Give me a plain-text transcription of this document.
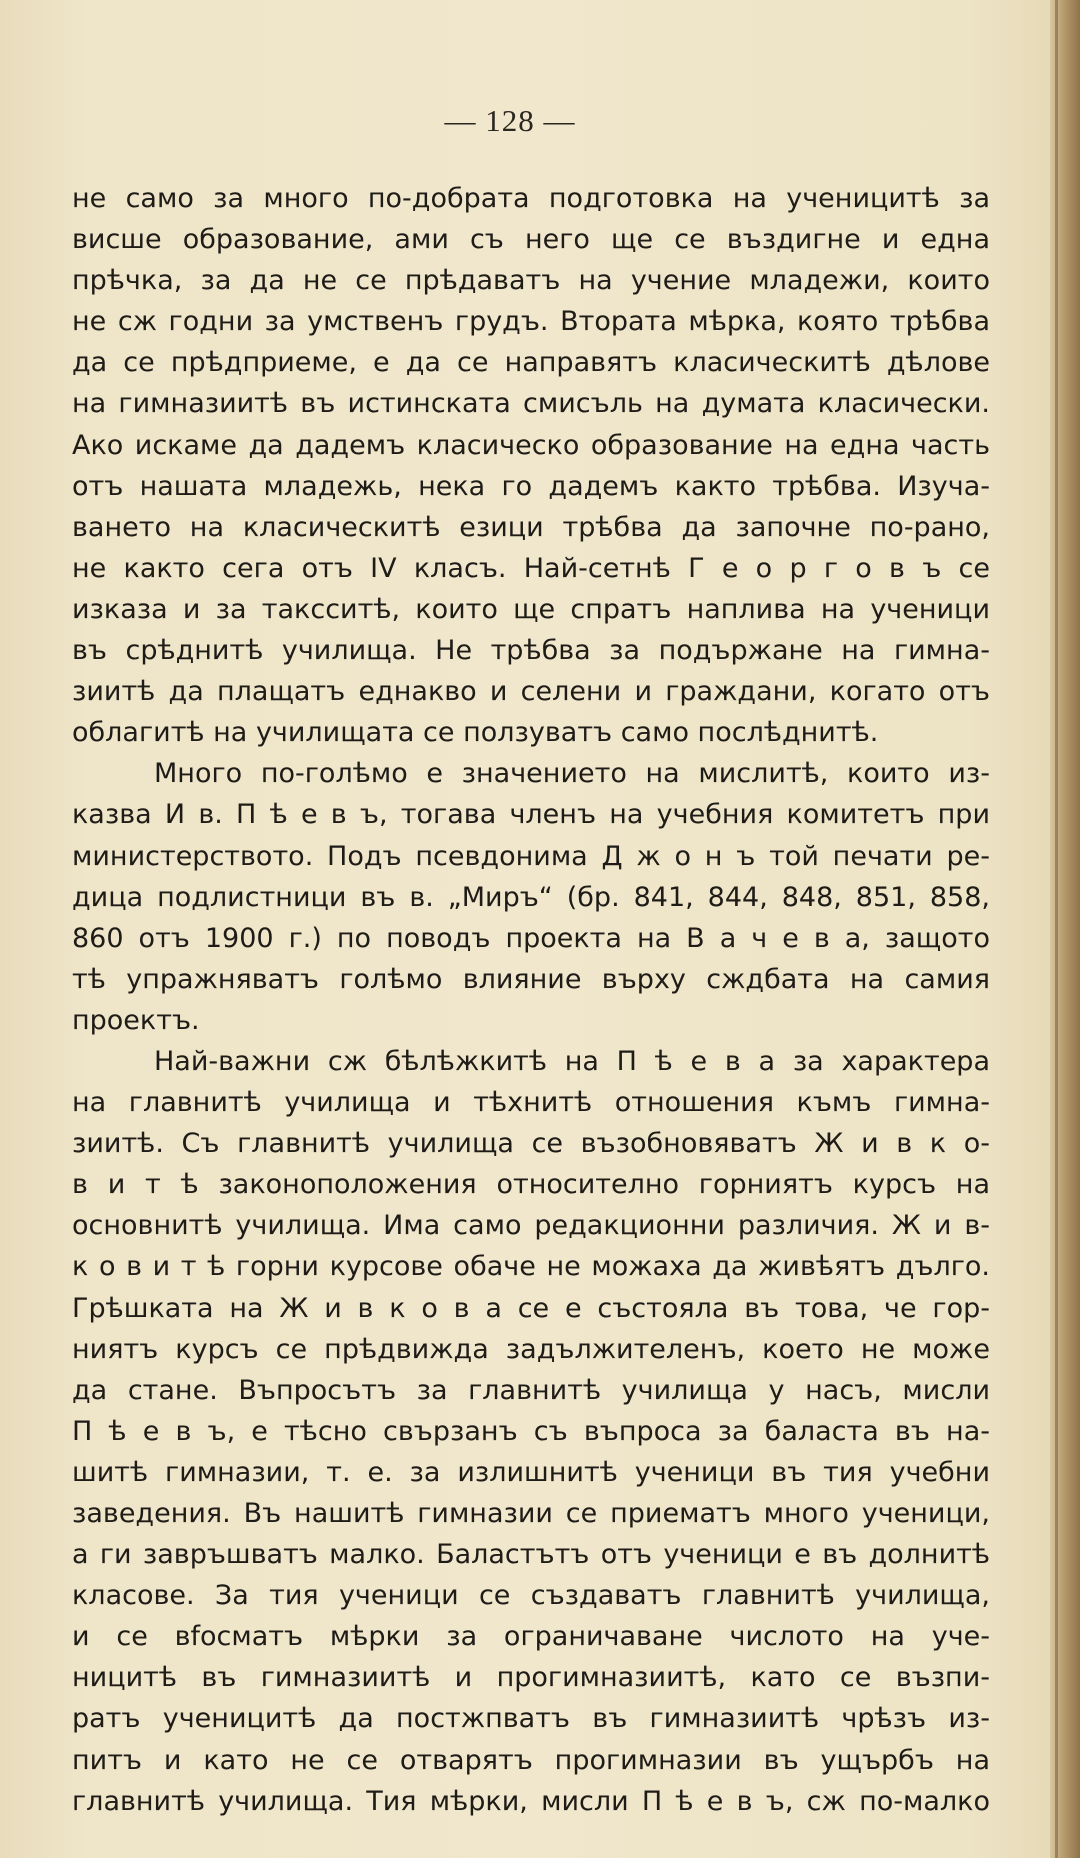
— 128 —
не само за много по-добрата подготовка на ученицитѣ за
висше образование, ами съ него ще се въздигне и една
прѣчка, за да не се прѣдаватъ на учение младежи, които
не сж годни за умственъ грудъ. Втората мѣрка, която трѣбва
да се прѣдприеме, е да се направятъ класическитѣ дѣлове
на гимназиитѣ въ истинската смисъль на думата класически.
Ако искаме да дадемъ класическо образование на една часть
отъ нашата младежь, нека го дадемъ както трѣбва. Изуча-
ването на класическитѣ езици трѣбва да започне по-рано,
не както сега отъ IV класъ. Най-сетнѣ Г е о р г о в ъ се
изказа и за таксситѣ, които ще спратъ наплива на ученици
въ срѣднитѣ училища. Не трѣбва за подържане на гимна-
зиитѣ да плащатъ еднакво и селени и граждани, когато отъ
облагитѣ на училищата се ползуватъ само послѣднитѣ.
Много по-голѣмо е значението на мислитѣ, които из-
казва И в. П ѣ е в ъ, тогава членъ на учебния комитетъ при
министерството. Подъ псевдонима Д ж о н ъ той печати ре-
дица подлистници въ в. „Миръ“ (бр. 841, 844, 848, 851, 858,
860 отъ 1900 г.) по поводъ проекта на В а ч е в а, защото
тѣ упражняватъ голѣмо влияние върху сждбата на самия
проектъ.
Най-важни сж бѣлѣжкитѣ на П ѣ е в а за характера
на главнитѣ училища и тѣхнитѣ отношения къмъ гимна-
зиитѣ. Съ главнитѣ училища се възобновяватъ Ж и в к о-
в и т ѣ законоположения относително горниятъ курсъ на
основнитѣ училища. Има само редакционни различия. Ж и в-
к о в и т ѣ горни курсове обаче не можаха да живѣятъ дълго.
Грѣшката на Ж и в к о в а се е състояла въ това, че гор-
ниятъ курсъ се прѣдвижда задължителенъ, което не може
да стане. Въпросътъ за главнитѣ училища у насъ, мисли
П ѣ е в ъ, е тѣсно свързанъ съ въпроса за баласта въ на-
шитѣ гимназии, т. е. за излишнитѣ ученици въ тия учебни
заведения. Въ нашитѣ гимназии се приематъ много ученици,
а ги завръшватъ малко. Баластътъ отъ ученици е въ долнитѣ
класове. За тия ученици се създаватъ главнитѣ училища,
и се вfocматъ мѣрки за ограничаване числото на уче-
ницитѣ въ гимназиитѣ и прогимназиитѣ, като се възпи-
ратъ ученицитѣ да постжпватъ въ гимназиитѣ чрѣзъ из-
питъ и като не се отварятъ прогимназии въ ущърбъ на
главнитѣ училища. Тия мѣрки, мисли П ѣ е в ъ, сж по-малко
